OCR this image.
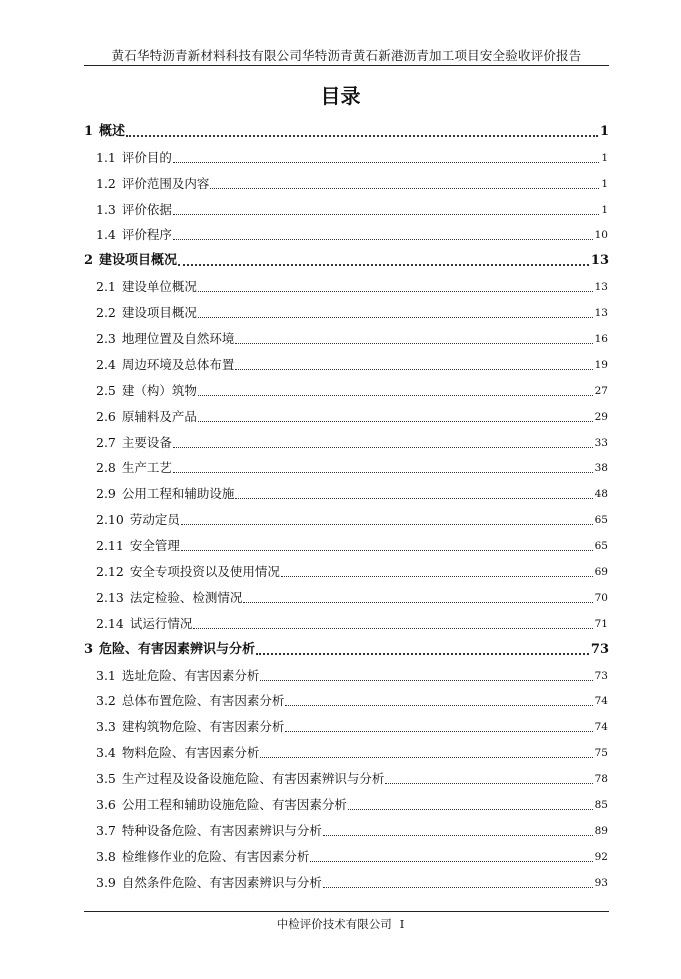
黄石华特沥青新材料科技有限公司华特沥青黄石新港沥青加工项目安全验收评价报告
目录
1 概述	1
1.1 评价目的	1
1.2 评价范围及内容	1
1.3 评价依据	1
1.4 评价程序	10
2 建设项目概况	13
2.1 建设单位概况	13
2.2 建设项目概况	13
2.3 地理位置及自然环境	16
2.4 周边环境及总体布置	19
2.5 建（构）筑物	27
2.6 原辅料及产品	29
2.7 主要设备	33
2.8 生产工艺	38
2.9 公用工程和辅助设施	48
2.10 劳动定员	65
2.11 安全管理	65
2.12 安全专项投资以及使用情况	69
2.13 法定检验、检测情况	70
2.14 试运行情况	71
3 危险、有害因素辨识与分析	73
3.1 选址危险、有害因素分析	73
3.2 总体布置危险、有害因素分析	74
3.3 建构筑物危险、有害因素分析	74
3.4 物料危险、有害因素分析	75
3.5 生产过程及设备设施危险、有害因素辨识与分析	78
3.6 公用工程和辅助设施危险、有害因素分析	85
3.7 特种设备危险、有害因素辨识与分析	89
3.8 检维修作业的危险、有害因素分析	92
3.9 自然条件危险、有害因素辨识与分析	93
中检评价技术有限公司 I
